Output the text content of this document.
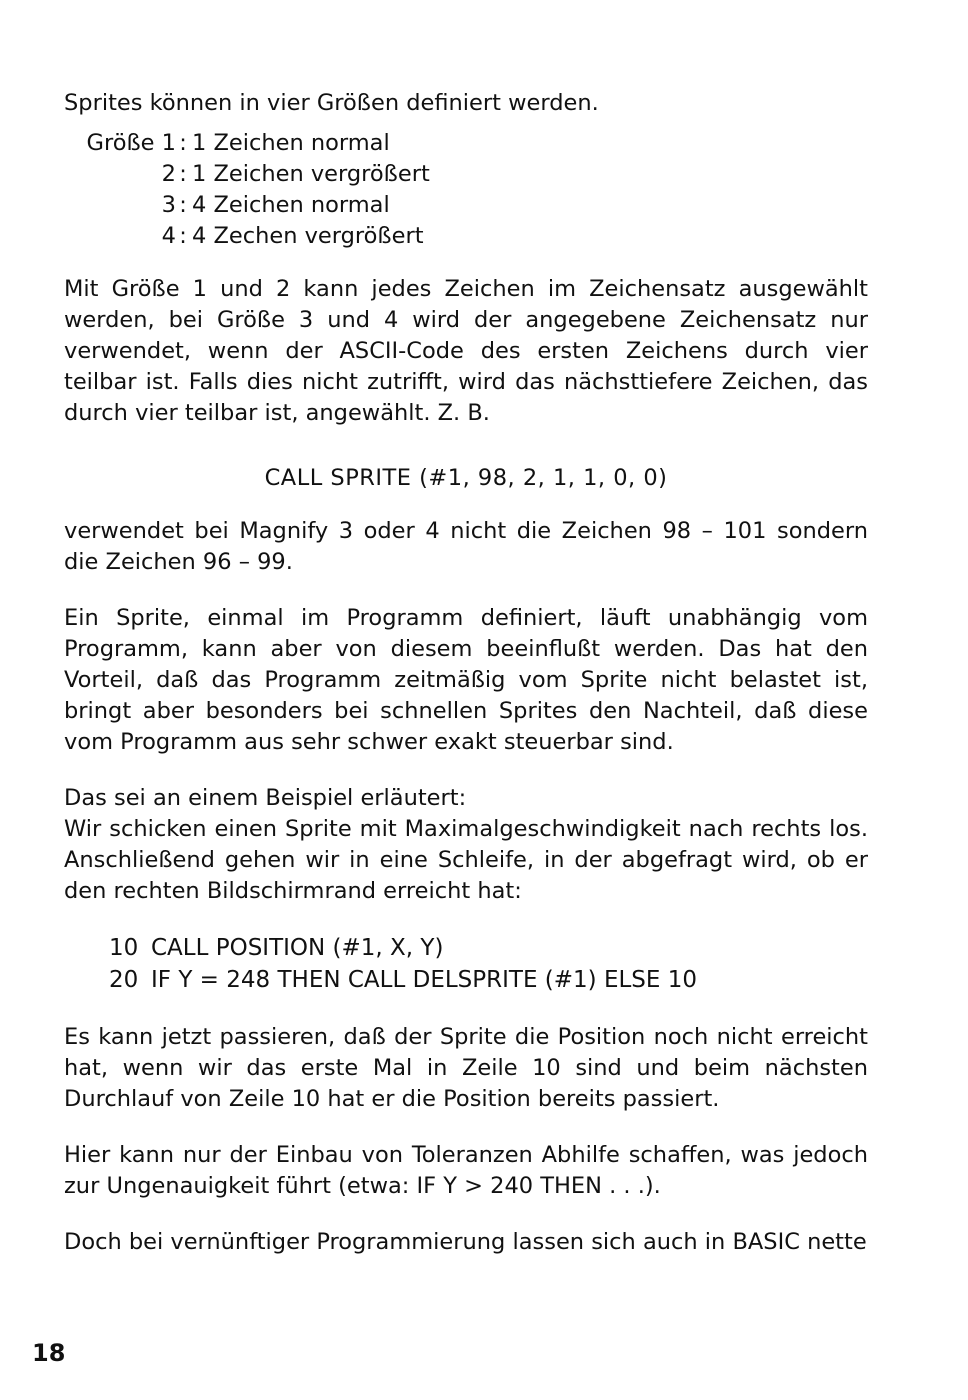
Sprites können in vier Größen definiert werden.

Größe 1 : 1 Zeichen normal
2 : 1 Zeichen vergrößert
3 : 4 Zeichen normal
4 : 4 Zechen vergrößert

Mit Größe 1 und 2 kann jedes Zeichen im Zeichensatz ausgewählt werden, bei Größe 3 und 4 wird der angegebene Zeichensatz nur verwendet, wenn der ASCII-Code des ersten Zeichens durch vier teilbar ist. Falls dies nicht zutrifft, wird das nächsttiefere Zeichen, das durch vier teilbar ist, angewählt. Z. B.

CALL SPRITE (#1, 98, 2, 1, 1, 0, 0)

verwendet bei Magnify 3 oder 4 nicht die Zeichen 98 – 101 sondern die Zeichen 96 – 99.

Ein Sprite, einmal im Programm definiert, läuft unabhängig vom Programm, kann aber von diesem beeinflußt werden. Das hat den Vorteil, daß das Programm zeitmäßig vom Sprite nicht belastet ist, bringt aber besonders bei schnellen Sprites den Nachteil, daß diese vom Programm aus sehr schwer exakt steuerbar sind.

Das sei an einem Beispiel erläutert:

Wir schicken einen Sprite mit Maximalgeschwindigkeit nach rechts los. Anschließend gehen wir in eine Schleife, in der abgefragt wird, ob er den rechten Bildschirmrand erreicht hat:

10 CALL POSITION (#1, X, Y)
20 IF Y = 248 THEN CALL DELSPRITE (#1) ELSE 10

Es kann jetzt passieren, daß der Sprite die Position noch nicht erreicht hat, wenn wir das erste Mal in Zeile 10 sind und beim nächsten Durchlauf von Zeile 10 hat er die Position bereits passiert.

Hier kann nur der Einbau von Toleranzen Abhilfe schaffen, was jedoch zur Ungenauigkeit führt (etwa: IF Y > 240 THEN . . .).

Doch bei vernünftiger Programmierung lassen sich auch in BASIC nette

18
